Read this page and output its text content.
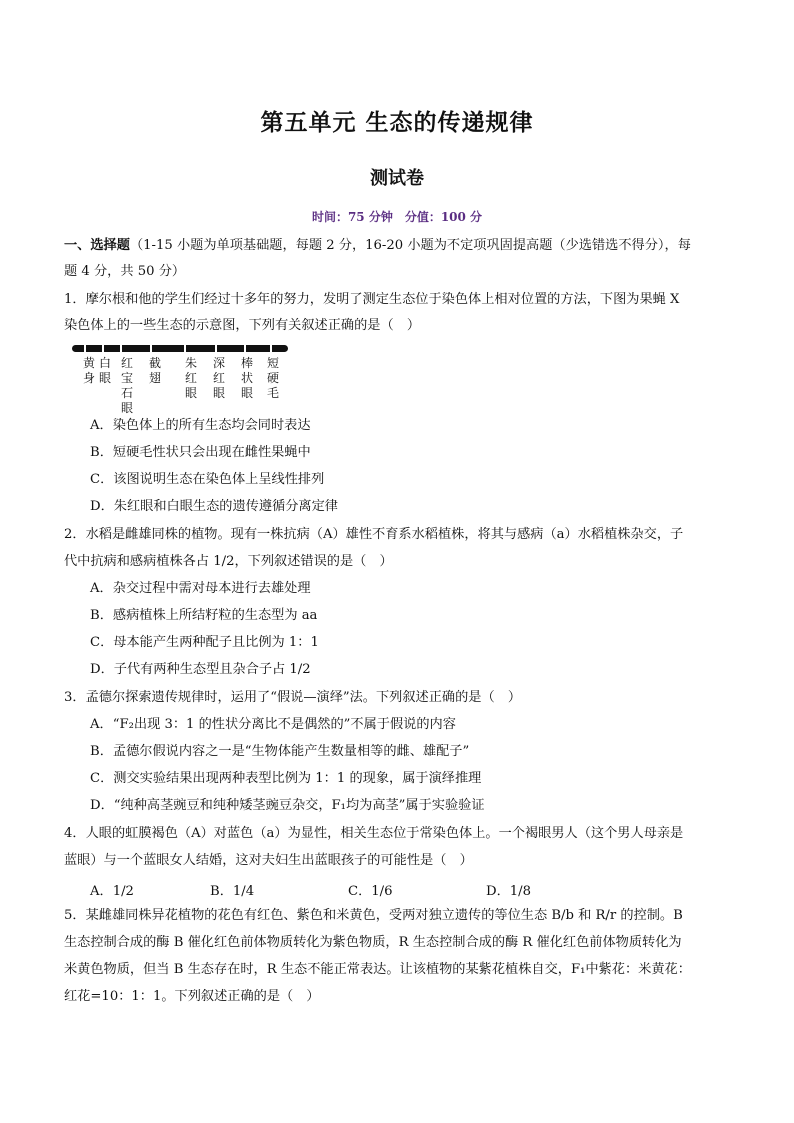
第五单元 生态的传递规律
测试卷
时间：75 分钟　分值：100 分
一、选择题（1-15 小题为单项基础题，每题 2 分，16-20 小题为不定项巩固提高题（少选错选不得分），每
题 4 分，共 50 分）
1．摩尔根和他的学生们经过十多年的努力，发明了测定生态位于染色体上相对位置的方法，下图为果蝇 X
染色体上的一些生态的示意图，下列有关叙述正确的是（　）
黄
身
白
眼
红
宝
石
眼
截
翅
朱
红
眼
深
红
眼
棒
状
眼
短
硬
毛
A．染色体上的所有生态均会同时表达
B．短硬毛性状只会出现在雌性果蝇中
C．该图说明生态在染色体上呈线性排列
D．朱红眼和白眼生态的遗传遵循分离定律
2．水稻是雌雄同株的植物。现有一株抗病（A）雄性不育系水稻植株，将其与感病（a）水稻植株杂交，子
代中抗病和感病植株各占 1/2，下列叙述错误的是（　）
A．杂交过程中需对母本进行去雄处理
B．感病植株上所结籽粒的生态型为 aa
C．母本能产生两种配子且比例为 1：1
D．子代有两种生态型且杂合子占 1/2
3．孟德尔探索遗传规律时，运用了“假说—演绎”法。下列叙述正确的是（　）
A．“F₂出现 3：1 的性状分离比不是偶然的”不属于假说的内容
B．孟德尔假说内容之一是“生物体能产生数量相等的雌、雄配子”
C．测交实验结果出现两种表型比例为 1：1 的现象，属于演绎推理
D．“纯种高茎豌豆和纯种矮茎豌豆杂交，F₁均为高茎”属于实验验证
4．人眼的虹膜褐色（A）对蓝色（a）为显性，相关生态位于常染色体上。一个褐眼男人（这个男人母亲是
蓝眼）与一个蓝眼女人结婚，这对夫妇生出蓝眼孩子的可能性是（　）
A．1/2	B．1/4	C．1/6	D．1/8
5．某雌雄同株异花植物的花色有红色、紫色和米黄色，受两对独立遗传的等位生态 B/b 和 R/r 的控制。B
生态控制合成的酶 B 催化红色前体物质转化为紫色物质，R 生态控制合成的酶 R 催化红色前体物质转化为
米黄色物质，但当 B 生态存在时，R 生态不能正常表达。让该植物的某紫花植株自交，F₁中紫花：米黄花：
红花=10：1：1。下列叙述正确的是（　）
